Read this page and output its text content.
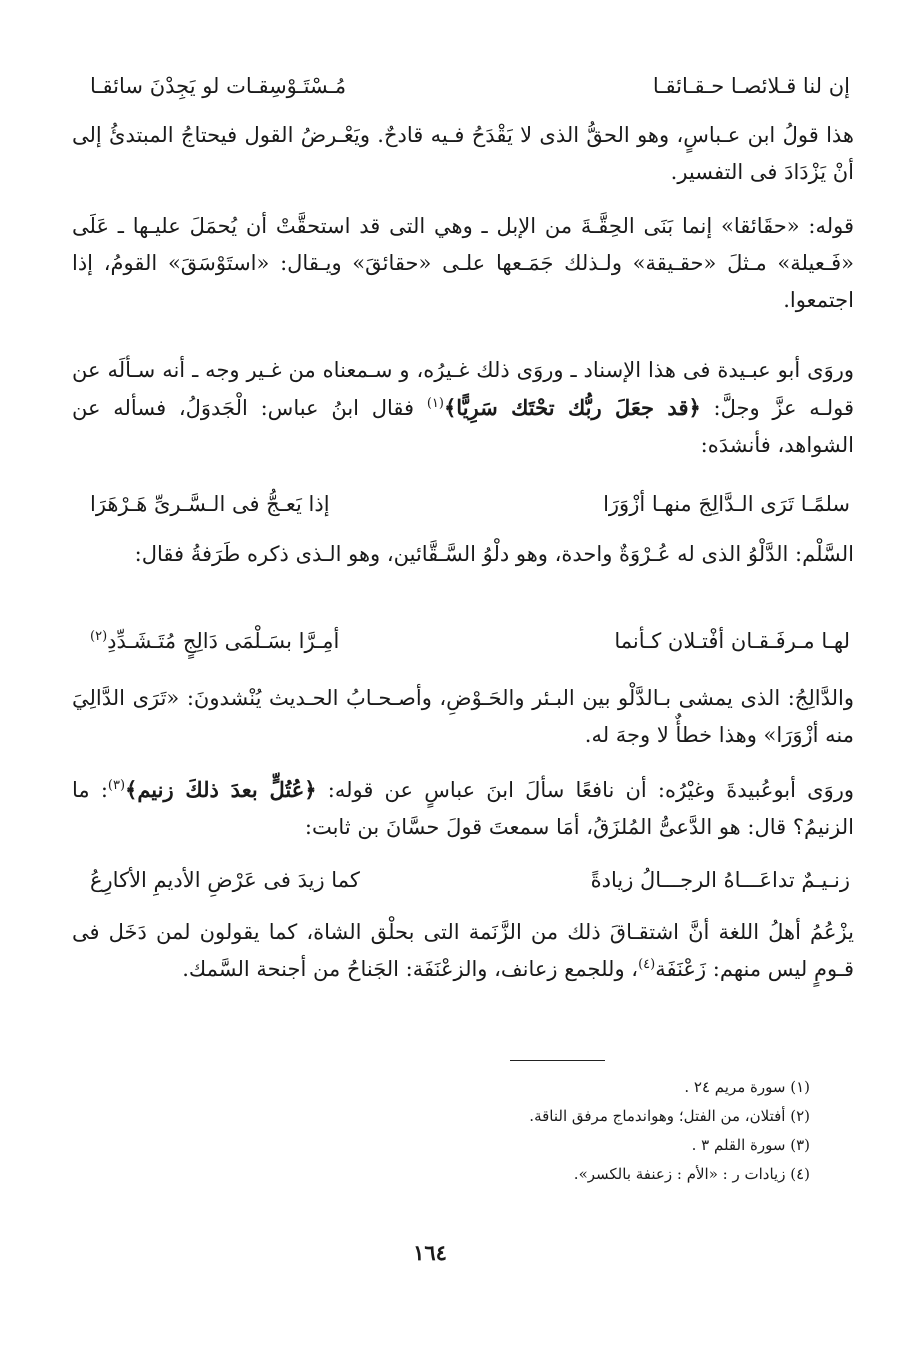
إن لنا قـلائصـا حـقـائقـا
مُـسْتَـوْسِقـات لو يَجِدْنَ سائقـا
هذا قولُ ابن عـباسٍ، وهو الحقُّ الذى لا يَقْدَحُ فـيه قادحٌ. ويَعْـرضُ القول فيحتاجُ المبتدئُ إلى أنْ يَزْدَادَ فى التفسير.
قوله: «حقَائقا» إنما بَنَى الحِقَّـةَ من الإبل ـ وهي التى قد استحقَّتْ أن يُحمَلَ عليـها ـ عَلَى «فَـعيلة» مـثلَ «حقـيقة» ولـذلك جَمَـعها علـى «حقائقَ» ويـقال: «استَوْسَقَ» القومُ، إذا اجتمعوا.
وروَى أبو عبـيدة فى هذا الإسناد ـ وروَى ذلك غـيرُه، و سـمعناه من غـير وجه ـ أنه سـألَه عن قولـه عزَّ وجلَّ: ﴿قد جعَلَ ربُّك تحْتَك سَرِيًّا﴾$^{(١)}$ فقال ابنُ عباس: الْجَدوَلُ، فسأله عن الشواهد، فأنشدَه:
سلمًـا تَرَى الـدَّالِجَ منهـا أزْوَرَا
إذا يَعـجُّ فى الـسَّـرىِّ هَـرْهَرَا
السَّلْم: الدَّلْوُ الذى له عُـرْوَةٌ واحدة، وهو دلْوُ السَّـقَّائين، وهو الـذى ذكره طَرَفةُ فقال:
لهـا مـرفَـقـان أفْتـلان كـأنما
أمِـرَّا بسَـلْمَى دَالِجٍ مُتَـشَـدِّدِ(٢)
والدَّالِجُ: الذى يمشى بـالدَّلْو بين البـئر والحَـوْضِ، وأصـحـابُ الحـديث يُنْشدونَ: «تَرَى الدَّالِيَ منه أزْوَرَا» وهذا خطأٌ لا وجهَ له.
وروَى أبوعُبيدةَ وغيْرُه: أن نافعًا سألَ ابنَ عباسٍ عن قوله: ﴿عُتُلٍّ بعدَ ذلكَ زنيم﴾$^{(٣)}$: ما الزنيمُ؟ قال: هو الدَّعىُّ المُلزَقُ، أمَا سمعتَ قولَ حسَّانَ بن ثابت:
زنـيـمٌ تداعَـــاهُ الرجـــالُ زيادةً
كما زيدَ فى عَرْضِ الأديمِ الأكارِعُ
يزْعُمُ أهلُ اللغة أنَّ اشتقـاقَ ذلك من الزَّنَمة التى بحلْق الشاة، كما يقولون لمن دَخَل فى قـومٍ ليس منهم: زَعْنَفَة$^{(٤)}$، وللجمع زعانف، والزعْنَفَة: الجَناحُ من أجنحة السَّمك.
(١) سورة مريم ٢٤ .
(٢) أفتلان، من الفتل؛ وهواندماج مرفق الناقة.
(٣) سورة القلم ٣ .
(٤) زيادات ر : «الأم : زعنفة بالكسر».
١٦٤
